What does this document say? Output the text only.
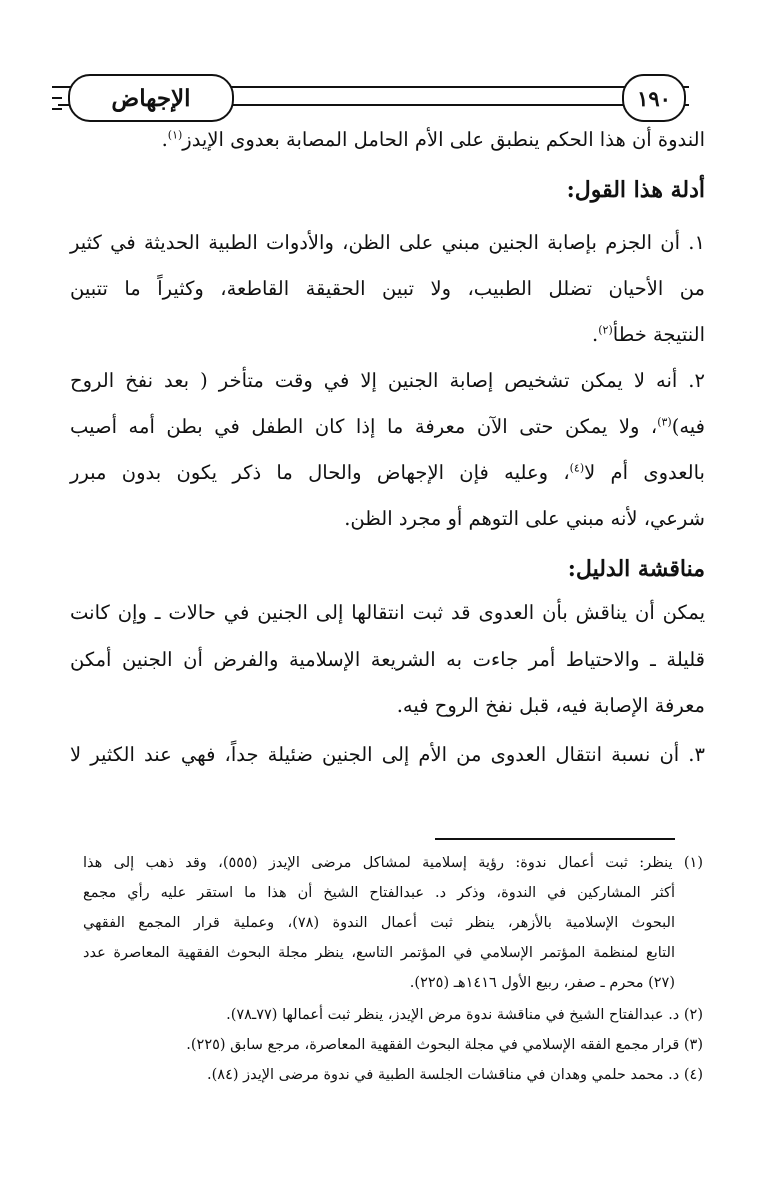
الإجهاض	١٩٠
الندوة أن هذا الحكم ينطبق على الأم الحامل المصابة بعدوى الإيدز$^{(١)}$.
أدلة هذا القول:
١. أن الجزم بإصابة الجنين مبني على الظن، والأدوات الطبية الحديثة في كثير
من الأحيان تضلل الطبيب، ولا تبين الحقيقة القاطعة، وكثيراً ما تتبين
النتيجة خطأ$^{(٢)}$.
٢. أنه لا يمكن تشخيص إصابة الجنين إلا في وقت متأخر ( بعد نفخ الروح
فيه)$^{(٣)}$، ولا يمكن حتى الآن معرفة ما إذا كان الطفل في بطن أمه أصيب
بالعدوى أم لا$^{(٤)}$، وعليه فإن الإجهاض والحال ما ذكر يكون بدون مبرر
شرعي، لأنه مبني على التوهم أو مجرد الظن.
مناقشة الدليل:
يمكن أن يناقش بأن العدوى قد ثبت انتقالها إلى الجنين في حالات ـ وإن كانت
قليلة ـ والاحتياط أمر جاءت به الشريعة الإسلامية والفرض أن الجنين أمكن
معرفة الإصابة فيه، قبل نفخ الروح فيه.
٣. أن نسبة انتقال العدوى من الأم إلى الجنين ضئيلة جداً، فهي عند الكثير لا
(١) ينظر: ثبت أعمال ندوة: رؤية إسلامية لمشاكل مرضى الإيدز (٥٥٥)، وقد ذهب إلى هذا
أكثر المشاركين في الندوة، وذكر د. عبدالفتاح الشيخ أن هذا ما استقر عليه رأي مجمع
البحوث الإسلامية بالأزهر، ينظر ثبت أعمال الندوة (٧٨)، وعملية قرار المجمع الفقهي
التابع لمنظمة المؤتمر الإسلامي في المؤتمر التاسع، ينظر مجلة البحوث الفقهية المعاصرة عدد
(٢٧) محرم ـ صفر، ربيع الأول ١٤١٦هـ (٢٢٥).
(٢) د. عبدالفتاح الشيخ في مناقشة ندوة مرض الإيدز، ينظر ثبت أعمالها (٧٧ـ٧٨).
(٣) قرار مجمع الفقه الإسلامي في مجلة البحوث الفقهية المعاصرة، مرجع سابق (٢٢٥).
(٤) د. محمد حلمي وهدان في مناقشات الجلسة الطبية في ندوة مرضى الإيدز (٨٤).
